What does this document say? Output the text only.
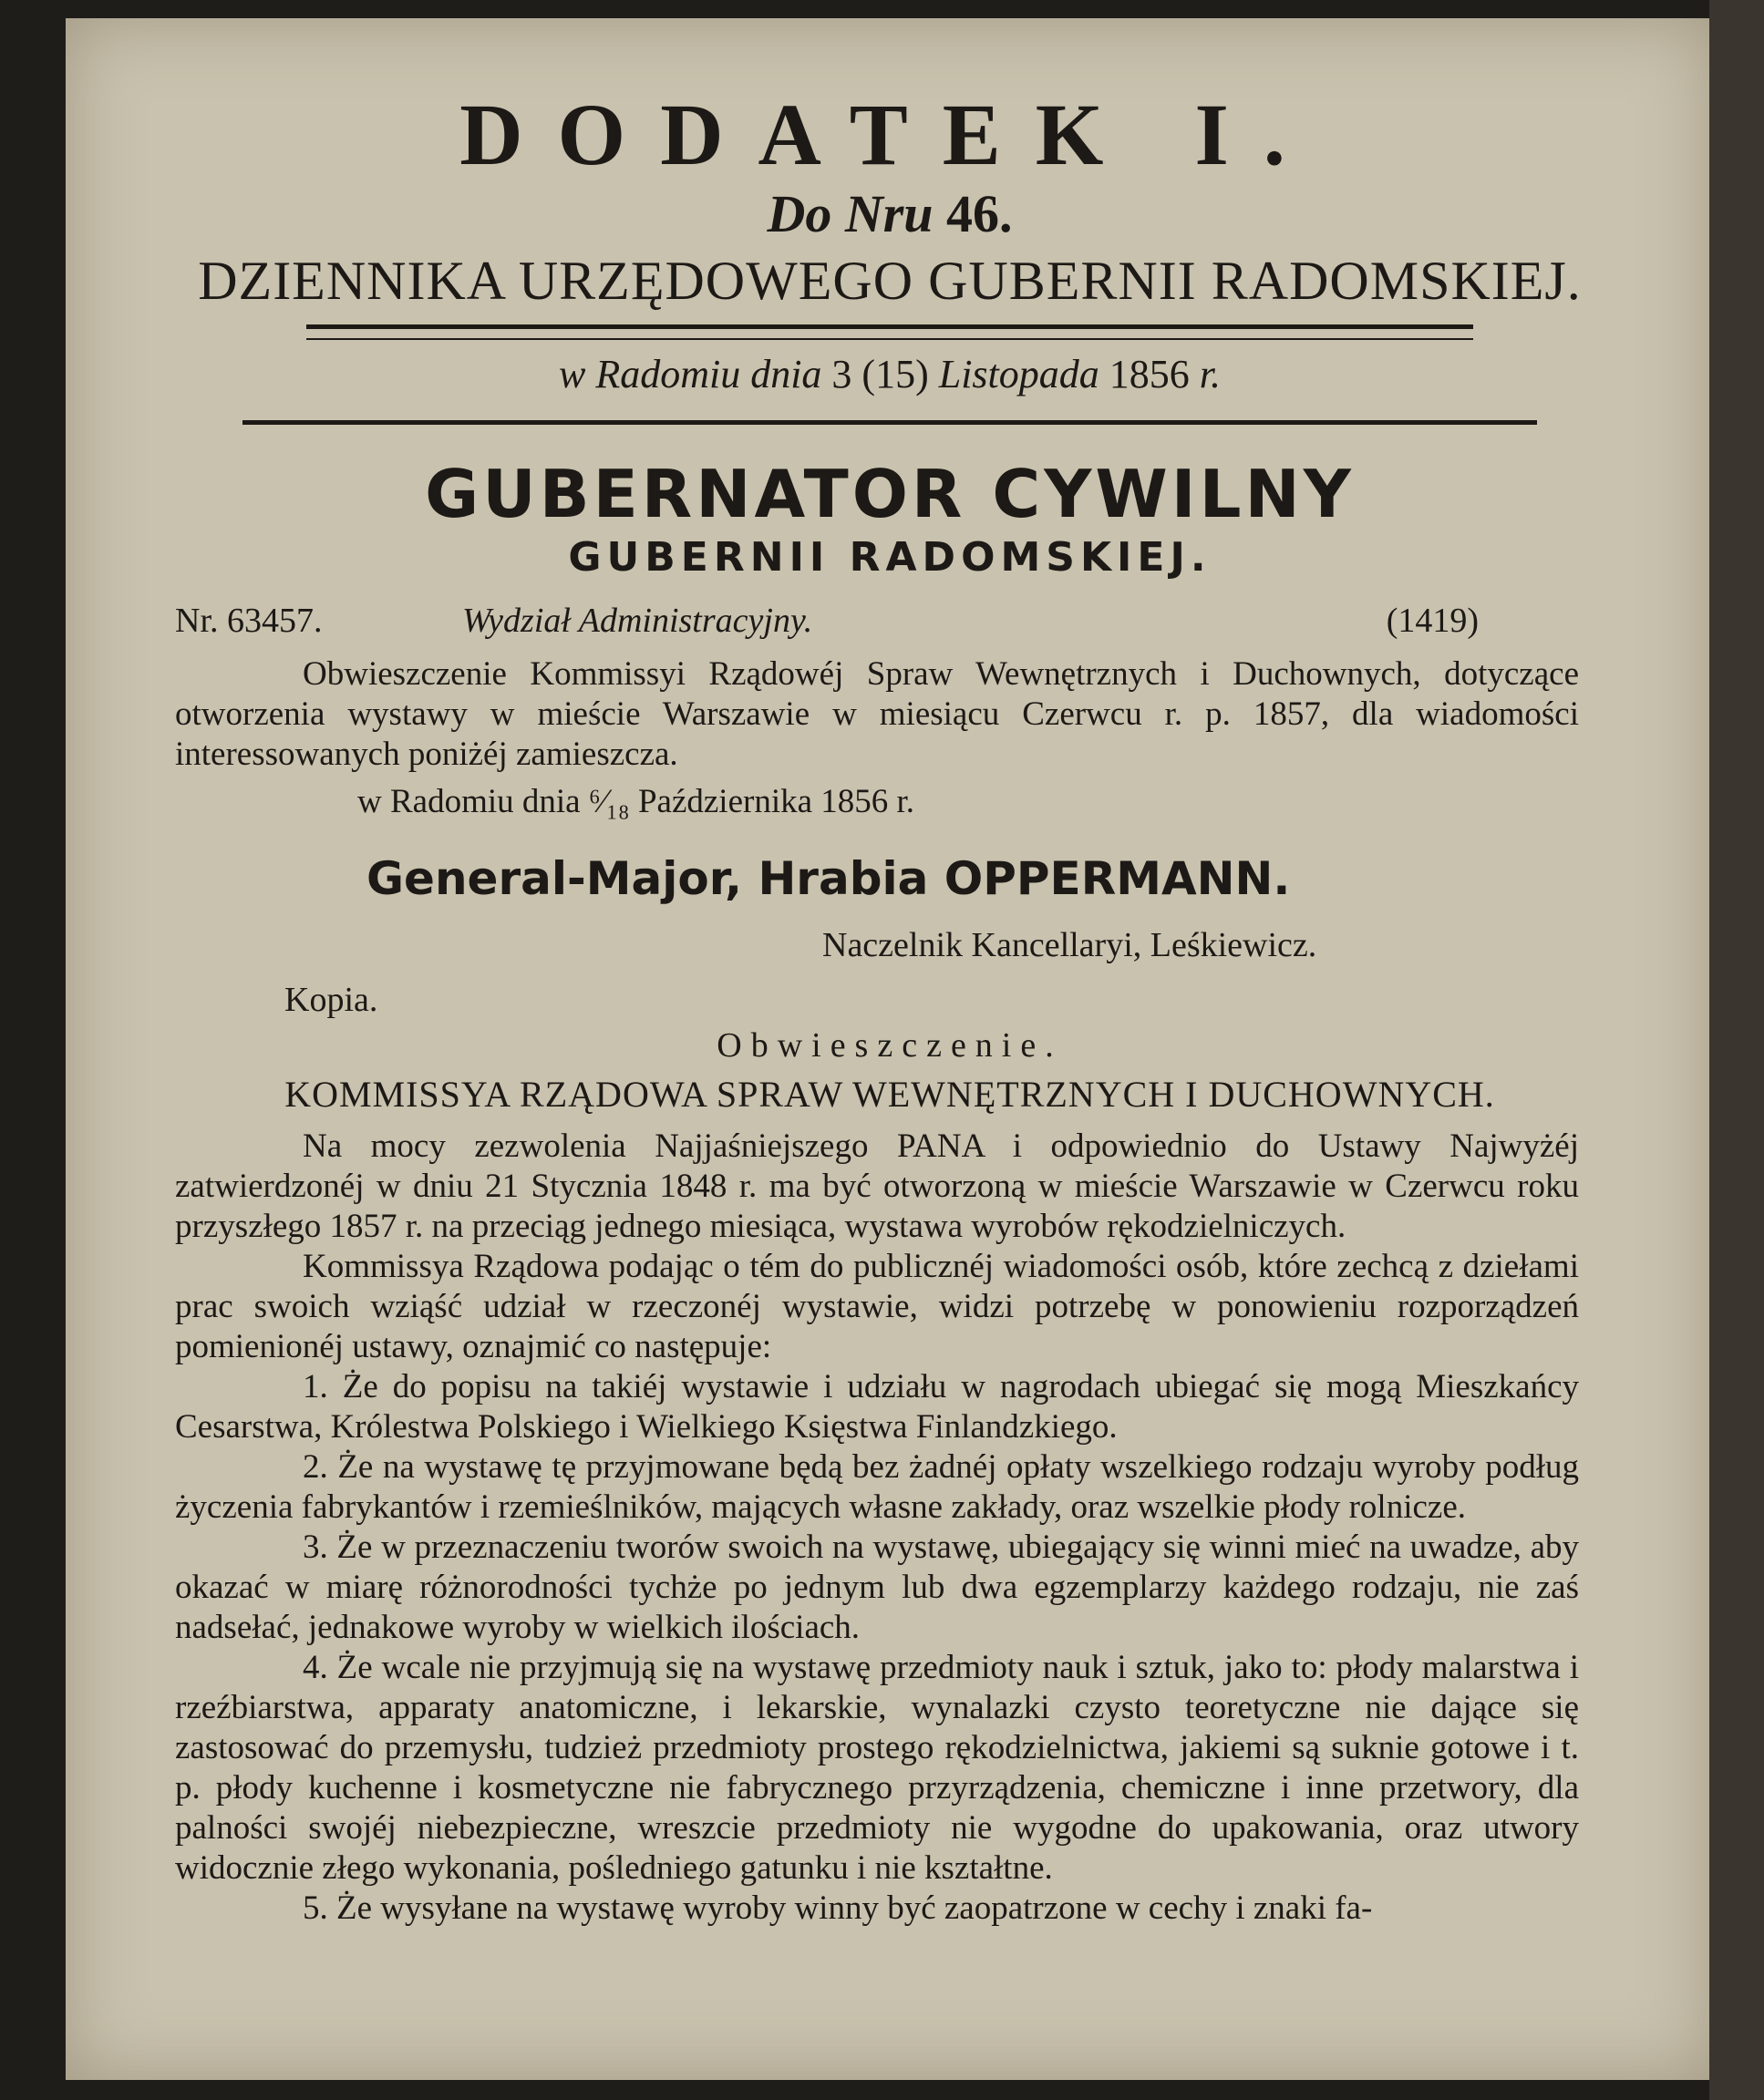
DODATEK I.
Do Nru 46.
DZIENNIKA URZĘDOWEGO GUBERNII RADOMSKIEJ.
w Radomiu dnia 3 (15) Listopada 1856 r.
GUBERNATOR CYWILNY
GUBERNII RADOMSKIEJ.
Nr. 63457.	Wydział Administracyjny.	(1419)

Obwieszczenie Kommissyi Rządowéj Spraw Wewnętrznych i Duchownych, dotyczące otworzenia wystawy w mieście Warszawie w miesiącu Czerwcu r. p. 1857, dla wiadomości interessowanych poniżéj zamieszcza.

w Radomiu dnia ⁶⁄₁₈ Października 1856 r.
General-Major, Hrabia OPPERMANN.
Naczelnik Kancellaryi, Leśkiewicz.
Kopia.
Obwieszczenie.
KOMMISSYA RZĄDOWA SPRAW WEWNĘTRZNYCH I DUCHOWNYCH.

Na mocy zezwolenia Najjaśniejszego PANA i odpowiednio do Ustawy Najwyżéj zatwierdzonéj w dniu 21 Stycznia 1848 r. ma być otworzoną w mieście Warszawie w Czerwcu roku przyszłego 1857 r. na przeciąg jednego miesiąca, wystawa wyrobów rękodzielniczych.

Kommissya Rządowa podając o tém do publicznéj wiadomości osób, które zechcą z dziełami prac swoich wziąść udział w rzeczonéj wystawie, widzi potrzebę w ponowieniu rozporządzeń pomienionéj ustawy, oznajmić co następuje:

1. Że do popisu na takiéj wystawie i udziału w nagrodach ubiegać się mogą Mieszkańcy Cesarstwa, Królestwa Polskiego i Wielkiego Księstwa Finlandzkiego.

2. Że na wystawę tę przyjmowane będą bez żadnéj opłaty wszelkiego rodzaju wyroby podług życzenia fabrykantów i rzemieślników, mających własne zakłady, oraz wszelkie płody rolnicze.

3. Że w przeznaczeniu tworów swoich na wystawę, ubiegający się winni mieć na uwadze, aby okazać w miarę różnorodności tychże po jednym lub dwa egzemplarzy każdego rodzaju, nie zaś nadsełać, jednakowe wyroby w wielkich ilościach.

4. Że wcale nie przyjmują się na wystawę przedmioty nauk i sztuk, jako to: płody malarstwa i rzeźbiarstwa, apparaty anatomiczne, i lekarskie, wynalazki czysto teoretyczne nie dające się zastosować do przemysłu, tudzież przedmioty prostego rękodzielnictwa, jakiemi są suknie gotowe i t. p. płody kuchenne i kosmetyczne nie fabrycznego przyrządzenia, chemiczne i inne przetwory, dla palności swojéj niebezpieczne, wreszcie przedmioty nie wygodne do upakowania, oraz utwory widocznie złego wykonania, pośledniego gatunku i nie kształtne.

5. Że wysyłane na wystawę wyroby winny być zaopatrzone w cechy i znaki fa-
